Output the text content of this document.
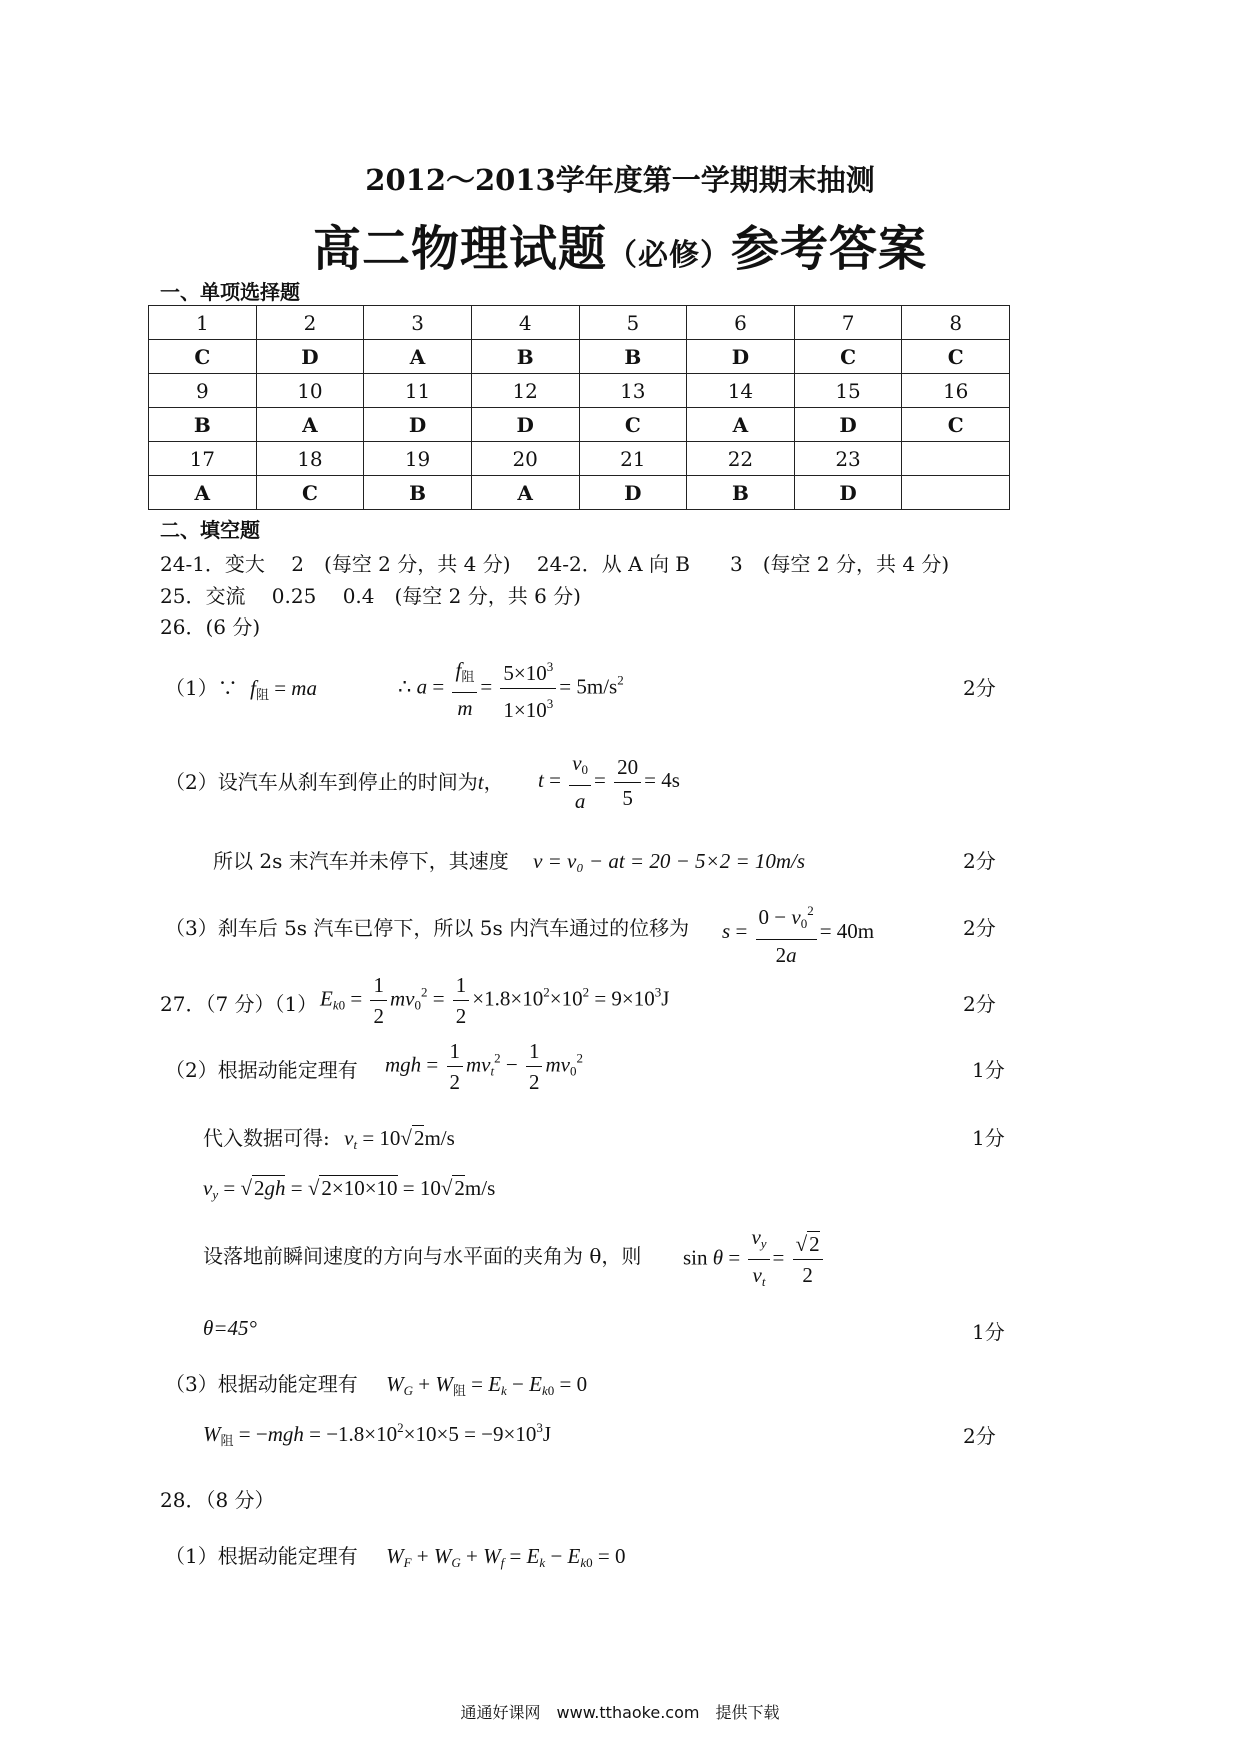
2012～2013学年度第一学期期末抽测
高二物理试题（必修）参考答案
一、单项选择题
1	2	3	4	5	6	7	8
C	D	A	B	B	D	C	C
9	10	11	12	13	14	15	16
B	A	D	D	C	A	D	C
17	18	19	20	21	22	23	
A	C	B	A	D	B	D	
二、填空题
24-1．变大　 2　(每空 2 分，共 4 分)　 24-2．从 A 向 B　　3　(每空 2 分，共 4 分)
25．交流　 0.25　 0.4　(每空 2 分，共 6 分)
26．(6 分)
（1）∵ $f_阻$ = ma	∴ $a = \frac{f_阻}{m} = \frac{5\times 10^3}{1\times 10^3} = 5m/s^2$	2分
（2）设汽车从刹车到停止的时间为t， $t = \frac{v_0}{a} = \frac{20}{5} = 4s$
所以 2s 末汽车并未停下，其速度 v = v₀ − at = 20 − 5×2 = 10m/s	2分
（3）刹车后 5s 汽车已停下，所以 5s 内汽车通过的位移为 $s = \frac{0 - v_0^2}{2a} = 40m$	2分
27．（7 分）（1） $E_{k0} = \frac{1}{2} mv_0^2 = \frac{1}{2} \times 1.8\times 10^2\times 10^2 = 9\times 10^3J$	2分
（2）根据动能定理有 mgh = $\frac{1}{2} mv_t^2 - \frac{1}{2} mv_0^2$
1分
代入数据可得: $v_t = 10√2m/s$	1分
$v_y = √2gh = √2\times 10\times 10 = 10√2m/s$
设落地前瞬间速度的方向与水平面的夹角为 θ，则 $\sin \theta = \frac{v_y}{v_t} = \frac{√2}{2}$
θ=45°	1分
（3）根据动能定理有 $W_G + W_阻 = E_k - E_{k0} = 0$
$W_阻 = -mgh = -1.8\times 10^2\times 10\times 5 = -9\times 10^3J$	2分
28．（8 分）
（1）根据动能定理有 $W_F + W_G + W_f = E_k - E_{k0} = 0$
通通好课网　www.tthaoke.com　提供下载
